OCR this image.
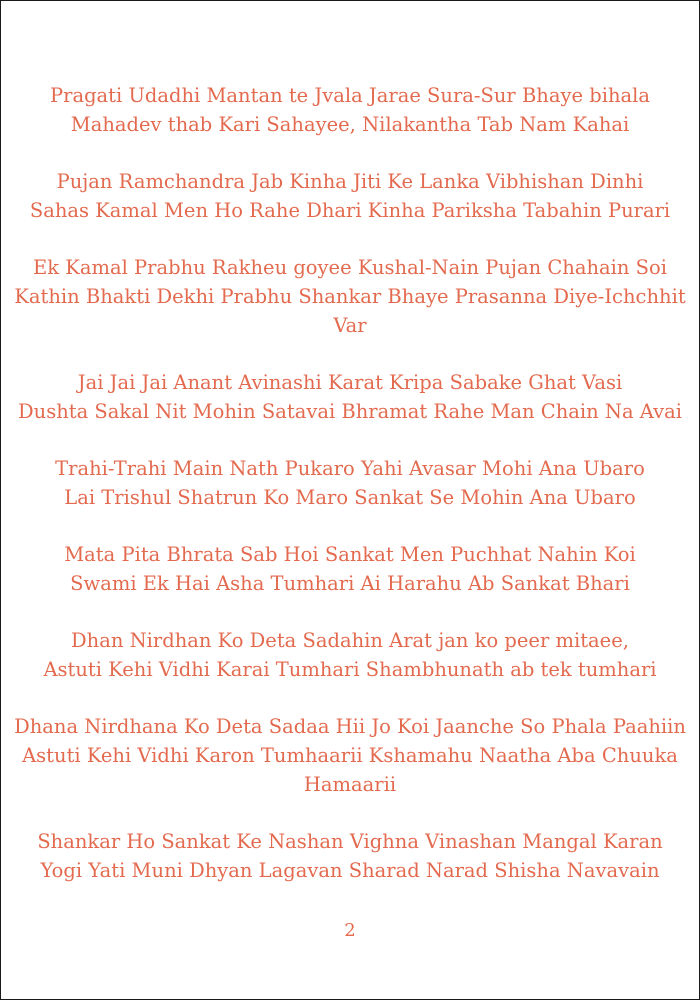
Pragati Udadhi Mantan te Jvala Jarae Sura-Sur Bhaye bihala
Mahadev thab Kari Sahayee, Nilakantha Tab Nam Kahai
Pujan Ramchandra Jab Kinha Jiti Ke Lanka Vibhishan Dinhi
Sahas Kamal Men Ho Rahe Dhari Kinha Pariksha Tabahin Purari
Ek Kamal Prabhu Rakheu goyee Kushal-Nain Pujan Chahain Soi
Kathin Bhakti Dekhi Prabhu Shankar Bhaye Prasanna Diye-Ichchhit Var
Jai Jai Jai Anant Avinashi Karat Kripa Sabake Ghat Vasi
Dushta Sakal Nit Mohin Satavai Bhramat Rahe Man Chain Na Avai
Trahi-Trahi Main Nath Pukaro Yahi Avasar Mohi Ana Ubaro
Lai Trishul Shatrun Ko Maro Sankat Se Mohin Ana Ubaro
Mata Pita Bhrata Sab Hoi Sankat Men Puchhat Nahin Koi
Swami Ek Hai Asha Tumhari Ai Harahu Ab Sankat Bhari
Dhan Nirdhan Ko Deta Sadahin Arat jan ko peer mitaee,
Astuti Kehi Vidhi Karai Tumhari Shambhunath ab tek tumhari
Dhana Nirdhana Ko Deta Sadaa Hii Jo Koi Jaanche So Phala Paahiin
Astuti Kehi Vidhi Karon Tumhaarii Kshamahu Naatha Aba Chuuka Hamaarii
Shankar Ho Sankat Ke Nashan Vighna Vinashan Mangal Karan
Yogi Yati Muni Dhyan Lagavan Sharad Narad Shisha Navavain
2
